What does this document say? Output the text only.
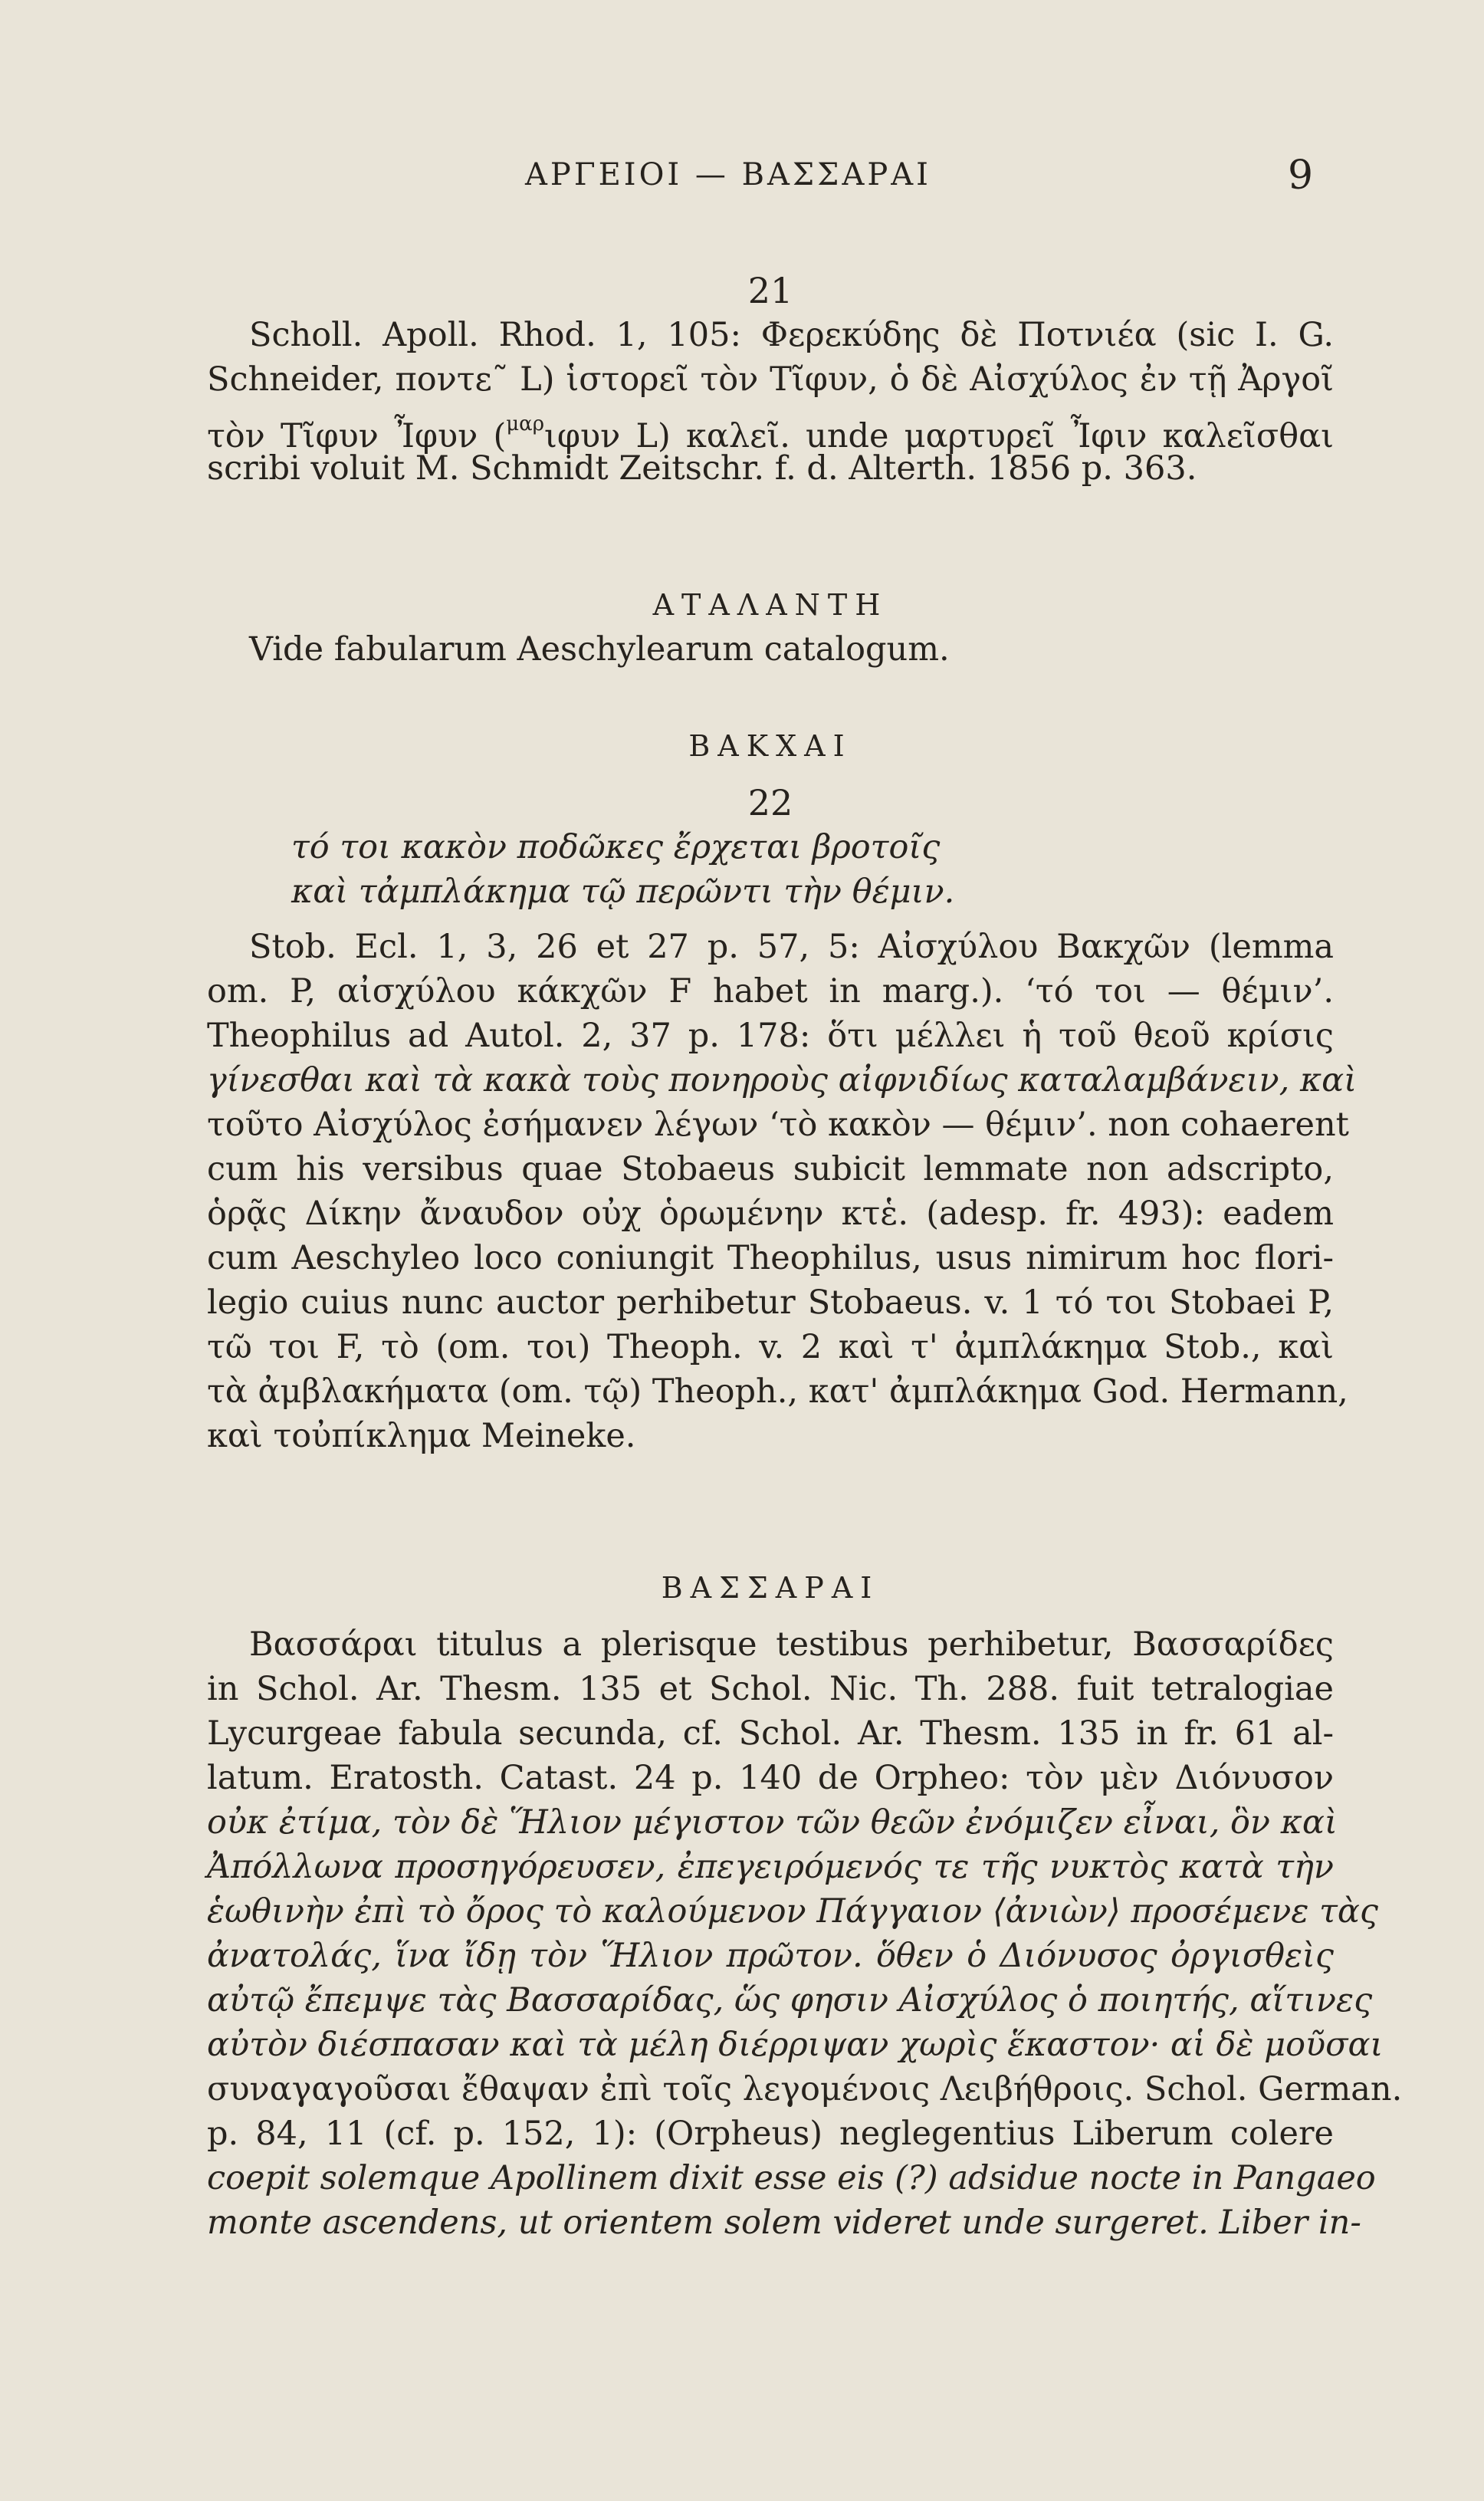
ΑΡΓΕΙΟΙ — ΒΑΣΣΑΡΑΙ	9
21
Scholl. Apoll. Rhod. 1, 105: Φερεκύδης δὲ Ποτνιέα (sic I. G.
Schneider, ποντε˜ L) ἱστορεῖ τὸν Τῖφυν, ὁ δὲ Αἰσχύλος ἐν τῇ Ἀργοῖ
τὸν Τῖφυν Ἶφυν ($^{\mu\alpha\rho}$ιφυν L) καλεῖ. unde μαρτυρεῖ Ἶφιν καλεῖσθαι
scribi voluit M. Schmidt Zeitschr. f. d. Alterth. 1856 p. 363.
ΑΤΑΛΑΝΤΗ
Vide fabularum Aeschylearum catalogum.
ΒΑΚΧΑΙ
22
τό τοι κακὸν ποδῶκες ἔρχεται βροτοῖς
καὶ τἀμπλάκημα τῷ περῶντι τὴν θέμιν.
Stob. Ecl. 1, 3, 26 et 27 p. 57, 5: Αἰσχύλου Βακχῶν (lemma
om. P, αἰσχύλου κάκχῶν F habet in marg.). ‘τό τοι — θέμιν’.
Theophilus ad Autol. 2, 37 p. 178: ὅτι μέλλει ἡ τοῦ θεοῦ κρίσις
γίνεσθαι καὶ τὰ κακὰ τοὺς πονηροὺς αἰφνιδίως καταλαμβάνειν, καὶ
τοῦτο Αἰσχύλος ἐσήμανεν λέγων ‘τὸ κακὸν — θέμιν’. non cohaerent
cum his versibus quae Stobaeus subicit lemmate non adscripto,
ὁρᾷς Δίκην ἄναυδον οὐχ ὁρωμένην κτἑ. (adesp. fr. 493): eadem
cum Aeschyleo loco coniungit Theophilus, usus nimirum hoc flori-
legio cuius nunc auctor perhibetur Stobaeus. v. 1 τό τοι Stobaei P,
τῶ τοι F, τὸ (om. τοι) Theoph. v. 2 καὶ τ' ἀμπλάκημα Stob., καὶ
τὰ ἀμβλακήματα (om. τῷ) Theoph., κατ' ἀμπλάκημα God. Hermann,
καὶ τοὐπίκλημα Meineke.
ΒΑΣΣΑΡΑΙ
Βασσάραι titulus a plerisque testibus perhibetur, Βασσαρίδες
in Schol. Ar. Thesm. 135 et Schol. Nic. Th. 288. fuit tetralogiae
Lycurgeae fabula secunda, cf. Schol. Ar. Thesm. 135 in fr. 61 al-
latum. Eratosth. Catast. 24 p. 140 de Orpheo: τὸν μὲν Διόνυσον
οὐκ ἐτίμα, τὸν δὲ Ἥλιον μέγιστον τῶν θεῶν ἐνόμιζεν εἶναι, ὃν καὶ
Ἀπόλλωνα προσηγόρευσεν, ἐπεγειρόμενός τε τῆς νυκτὸς κατὰ τὴν
ἑωθινὴν ἐπὶ τὸ ὄρος τὸ καλούμενον Πάγγαιον ⟨ἀνιὼν⟩ προσέμενε τὰς
ἀνατολάς, ἵνα ἴδῃ τὸν Ἥλιον πρῶτον. ὅθεν ὁ Διόνυσος ὀργισθεὶς
αὐτῷ ἔπεμψε τὰς Βασσαρίδας, ὥς φησιν Αἰσχύλος ὁ ποιητής, αἵτινες
αὐτὸν διέσπασαν καὶ τὰ μέλη διέρριψαν χωρὶς ἕκαστον· αἱ δὲ μοῦσαι
συναγαγοῦσαι ἔθαψαν ἐπὶ τοῖς λεγομένοις Λειβήθροις. Schol. German.
p. 84, 11 (cf. p. 152, 1): (Orpheus) neglegentius Liberum colere
coepit solemque Apollinem dixit esse eis (?) adsidue nocte in Pangaeo
monte ascendens, ut orientem solem videret unde surgeret. Liber in-
